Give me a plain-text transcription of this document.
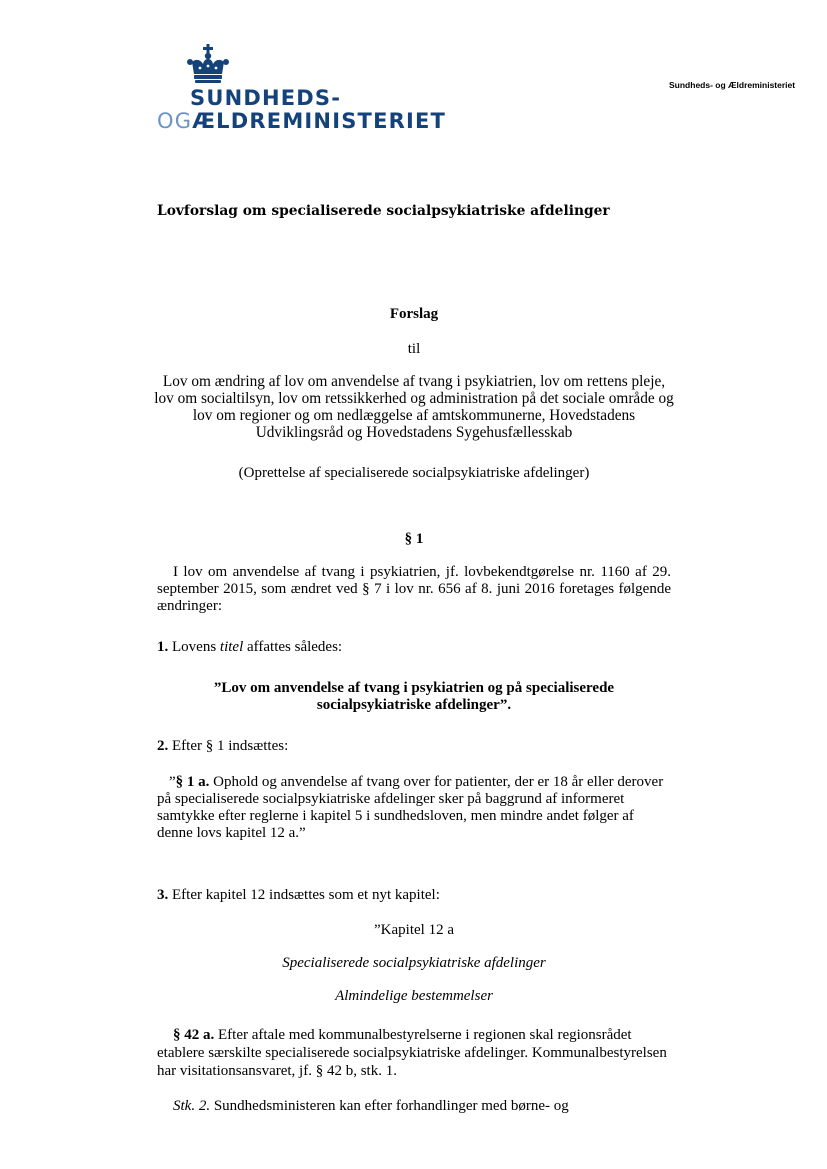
SUNDHEDS-
OGÆLDREMINISTERIET
Sundheds- og Ældreministeriet
Lovforslag om specialiserede socialpsykiatriske afdelinger
Forslag
til
Lov om ændring af lov om anvendelse af tvang i psykiatrien, lov om rettens pleje, lov om socialtilsyn, lov om retssikkerhed og administration på det sociale område og lov om regioner og om nedlæggelse af amtskommunerne, Hovedstadens Udviklingsråd og Hovedstadens Sygehusfællesskab
(Oprettelse af specialiserede socialpsykiatriske afdelinger)
§ 1
I lov om anvendelse af tvang i psykiatrien, jf. lovbekendtgørelse nr. 1160 af 29. september 2015, som ændret ved § 7 i lov nr. 656 af 8. juni 2016 foretages følgende ændringer:
1. Lovens titel affattes således:
”Lov om anvendelse af tvang i psykiatrien og på specialiserede socialpsykiatriske afdelinger”.
2. Efter § 1 indsættes:
”§ 1 a. Ophold og anvendelse af tvang over for patienter, der er 18 år eller derover på specialiserede socialpsykiatriske afdelinger sker på baggrund af informeret samtykke efter reglerne i kapitel 5 i sundhedsloven, men mindre andet følger af denne lovs kapitel 12 a.”
3. Efter kapitel 12 indsættes som et nyt kapitel:
”Kapitel 12 a
Specialiserede socialpsykiatriske afdelinger
Almindelige bestemmelser
§ 42 a. Efter aftale med kommunalbestyrelserne i regionen skal regionsrådet etablere særskilte specialiserede socialpsykiatriske afdelinger. Kommunalbestyrelsen har visitationsansvaret, jf. § 42 b, stk. 1.
Stk. 2. Sundhedsministeren kan efter forhandlinger med børne- og
